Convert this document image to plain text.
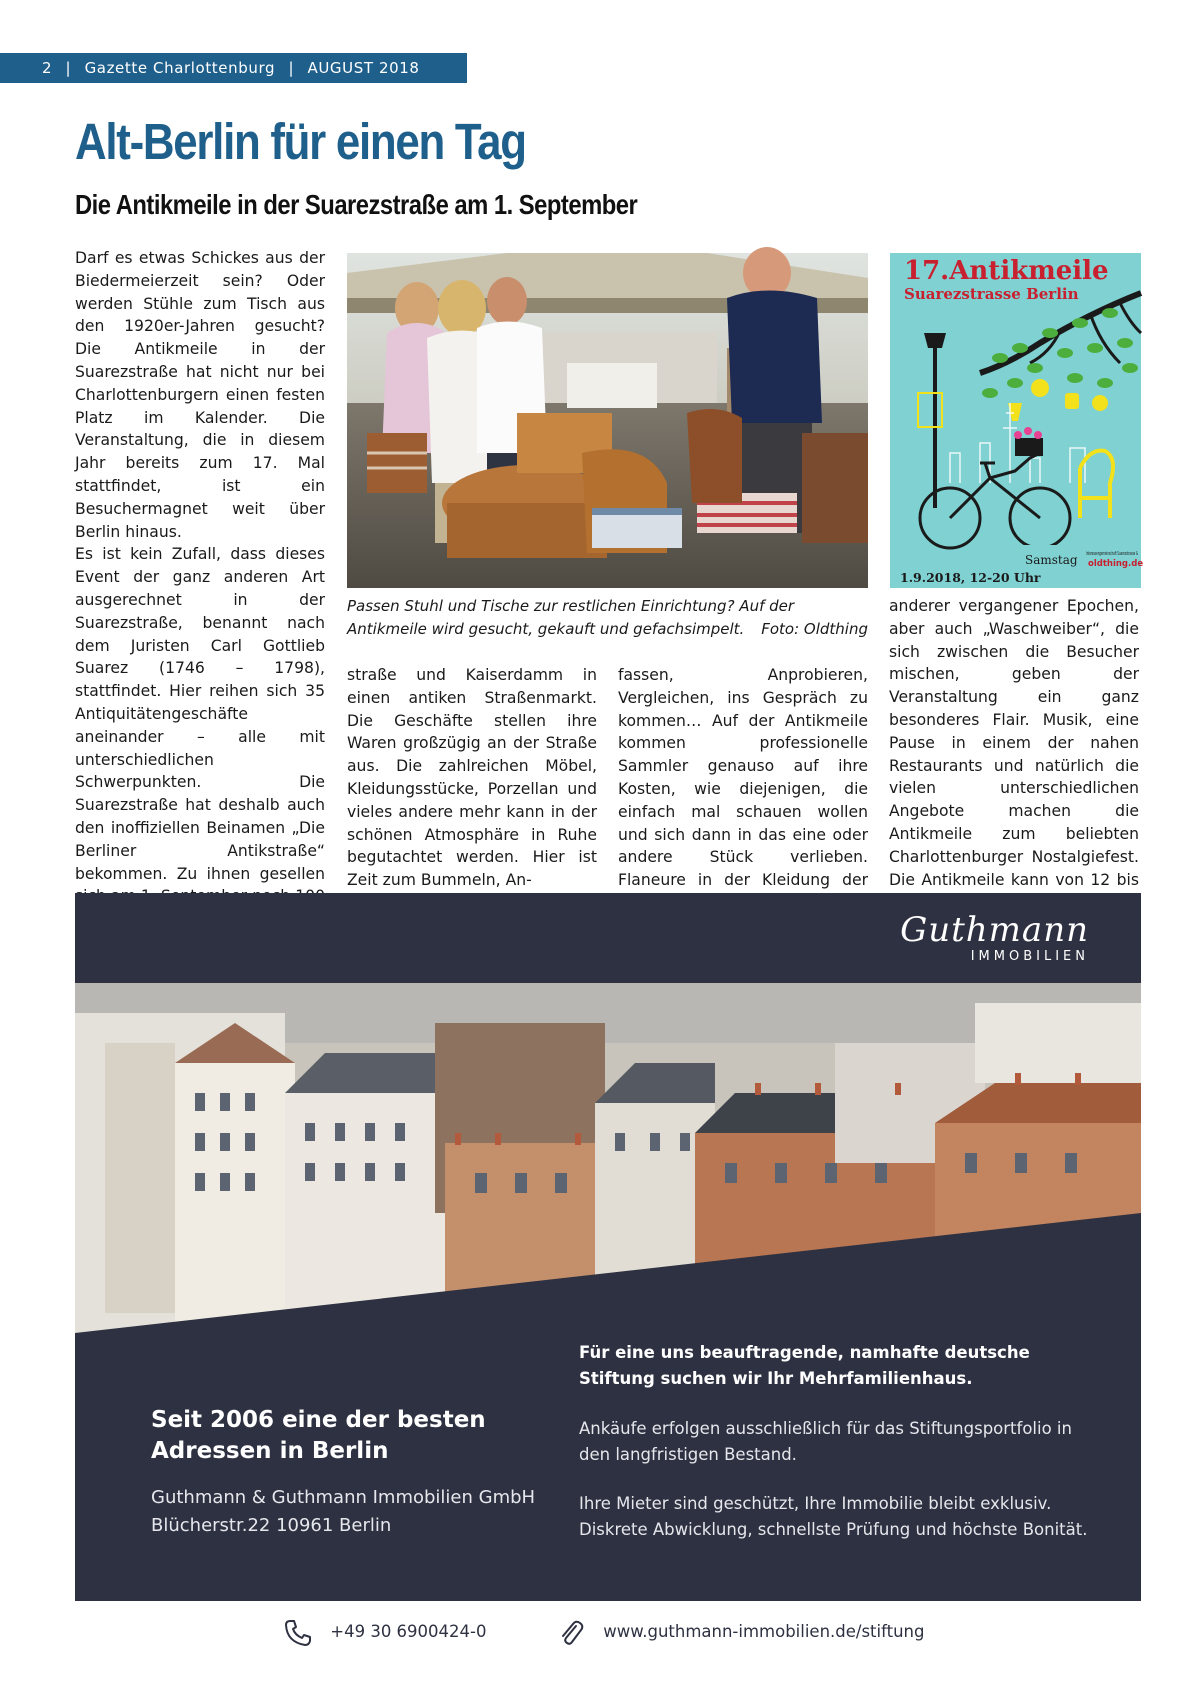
2 | Gazette Charlottenburg | AUGUST 2018
Alt-Berlin für einen Tag
Die Antikmeile in der Suarezstraße am 1. September

Darf es etwas Schickes aus der Biedermeierzeit sein? Oder werden Stühle zum Tisch aus den 1920er-Jahren gesucht? Die Antikmeile in der Suarezstraße hat nicht nur bei Charlottenburgern einen festen Platz im Kalender. Die Veranstaltung, die in diesem Jahr bereits zum 17. Mal stattfindet, ist ein Besuchermagnet weit über Berlin hinaus.

Es ist kein Zufall, dass dieses Event der ganz anderen Art ausgerechnet in der Suarezstraße, benannt nach dem Juristen Carl Gottlieb Suarez (1746 – 1798), stattfindet. Hier reihen sich 35 Antiquitätengeschäfte aneinander – alle mit unterschiedlichen Schwerpunkten. Die Suarezstraße hat deshalb auch den inoffiziellen Beinamen „Die Berliner Antikstraße“ bekommen. Zu ihnen gesellen

Passen Stuhl und Tische zur restlichen Einrichtung? Auf der Antikmeile wird gesucht, gekauft und gefachsimpelt. Foto: Oldthing
17.Antikmeile
Suarezstrasse Berlin
Samstag
1.9.2018, 12-20 Uhr
Interessengemeinschaft Suarezstrasse &
oldthing.de

straße und Kaiserdamm in einen antiken Straßenmarkt. Die Geschäfte stellen ihre Waren großzügig an der Straße aus. Die zahlreichen Möbel, Kleidungsstücke, Porzellan und vieles andere mehr kann in der schönen Atmosphäre in Ruhe begutachtet werden. Hier ist Zeit zum Bummeln, An-

fassen, Anprobieren, Vergleichen, ins Gespräch zu kommen… Auf der Antikmeile kommen professionelle Sammler genauso auf ihre Kosten, wie diejenigen, die einfach mal schauen wollen und sich dann in das eine oder andere Stück verlieben. Flaneure in der Kleidung der

anderer vergangener Epochen, aber auch „Waschweiber“, die sich zwischen die Besucher mischen, geben der Veranstaltung ein ganz besonderes Flair. Musik, eine Pause in einem der nahen Restaurants und natürlich die vielen unterschiedlichen Angebote machen die Antikmeile zum beliebten Charlottenburger Nostalgiefest. Die Antikmeile kann von 12 bis

Guthmann
IMMOBILIEN
Für eine uns beauftragende, namhafte deutsche Stiftung suchen wir Ihr Mehrfamilienhaus.
Ankäufe erfolgen ausschließlich für das Stiftungsportfolio in den langfristigen Bestand.
Ihre Mieter sind geschützt, Ihre Immobilie bleibt exklusiv. Diskrete Abwicklung, schnellste Prüfung und höchste Bonität.
Seit 2006 eine der besten Adressen in Berlin
Guthmann & Guthmann Immobilien GmbH
Blücherstr.22 10961 Berlin
+49 30 6900424-0	www.guthmann-immobilien.de/stiftung
